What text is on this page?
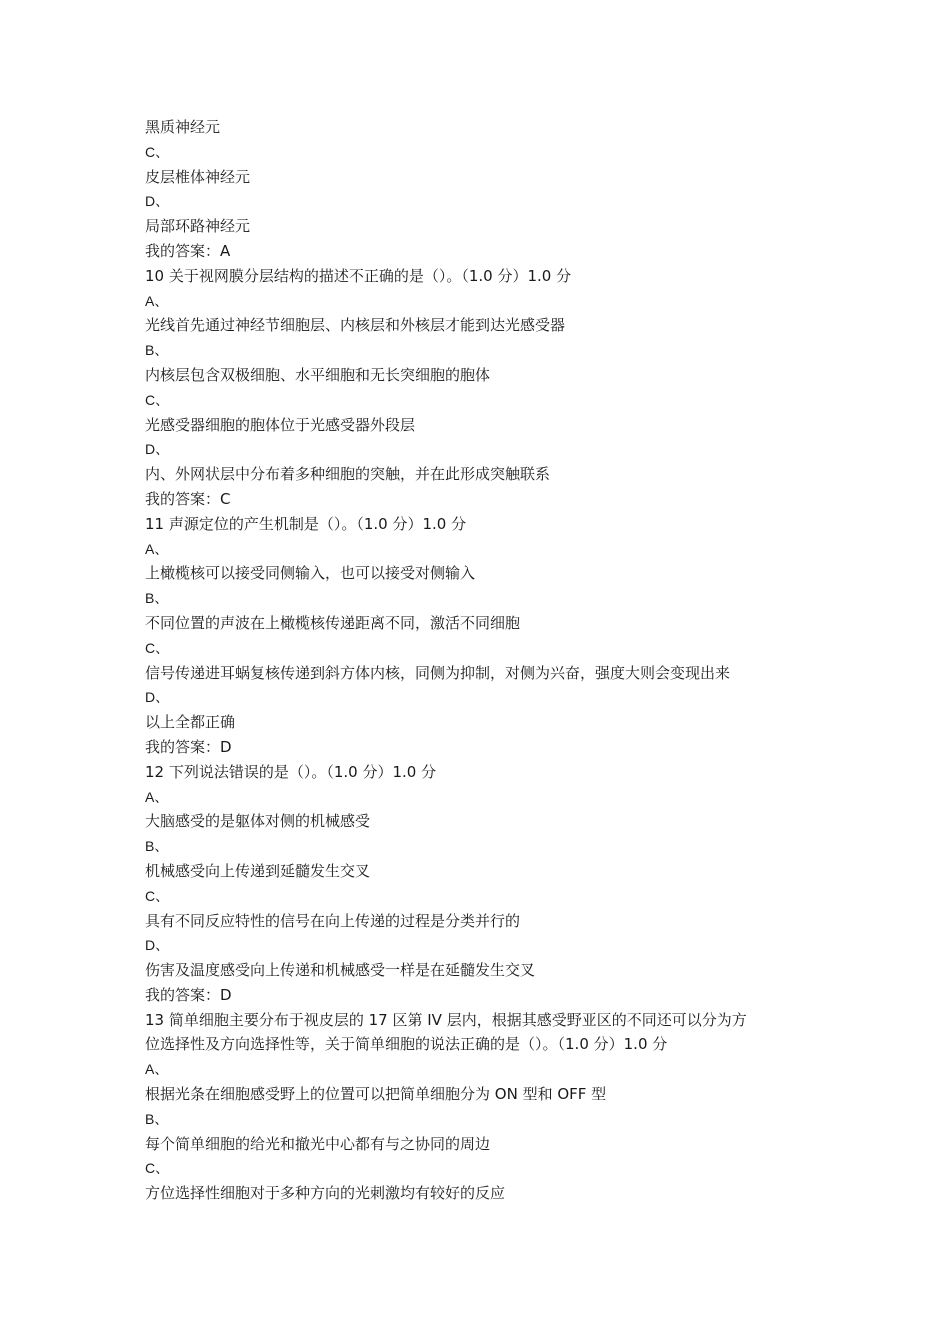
黑质神经元

C、

皮层椎体神经元

D、

局部环路神经元

我的答案：A

10 关于视网膜分层结构的描述不正确的是（）。（1.0 分）1.0 分

A、

光线首先通过神经节细胞层、内核层和外核层才能到达光感受器

B、

内核层包含双极细胞、水平细胞和无长突细胞的胞体

C、

光感受器细胞的胞体位于光感受器外段层

D、

内、外网状层中分布着多种细胞的突触，并在此形成突触联系

我的答案：C

11 声源定位的产生机制是（）。（1.0 分）1.0 分

A、

上橄榄核可以接受同侧输入，也可以接受对侧输入

B、

不同位置的声波在上橄榄核传递距离不同，激活不同细胞

C、

信号传递进耳蜗复核传递到斜方体内核，同侧为抑制，对侧为兴奋，强度大则会变现出来

D、

以上全都正确

我的答案：D

12 下列说法错误的是（）。（1.0 分）1.0 分

A、

大脑感受的是躯体对侧的机械感受

B、

机械感受向上传递到延髓发生交叉

C、

具有不同反应特性的信号在向上传递的过程是分类并行的

D、

伤害及温度感受向上传递和机械感受一样是在延髓发生交叉

我的答案：D

13 简单细胞主要分布于视皮层的 17 区第 IV 层内，根据其感受野亚区的不同还可以分为方

位选择性及方向选择性等，关于简单细胞的说法正确的是（）。（1.0 分）1.0 分

A、

根据光条在细胞感受野上的位置可以把简单细胞分为 ON 型和 OFF 型

B、

每个简单细胞的给光和撤光中心都有与之协同的周边

C、

方位选择性细胞对于多种方向的光刺激均有较好的反应
